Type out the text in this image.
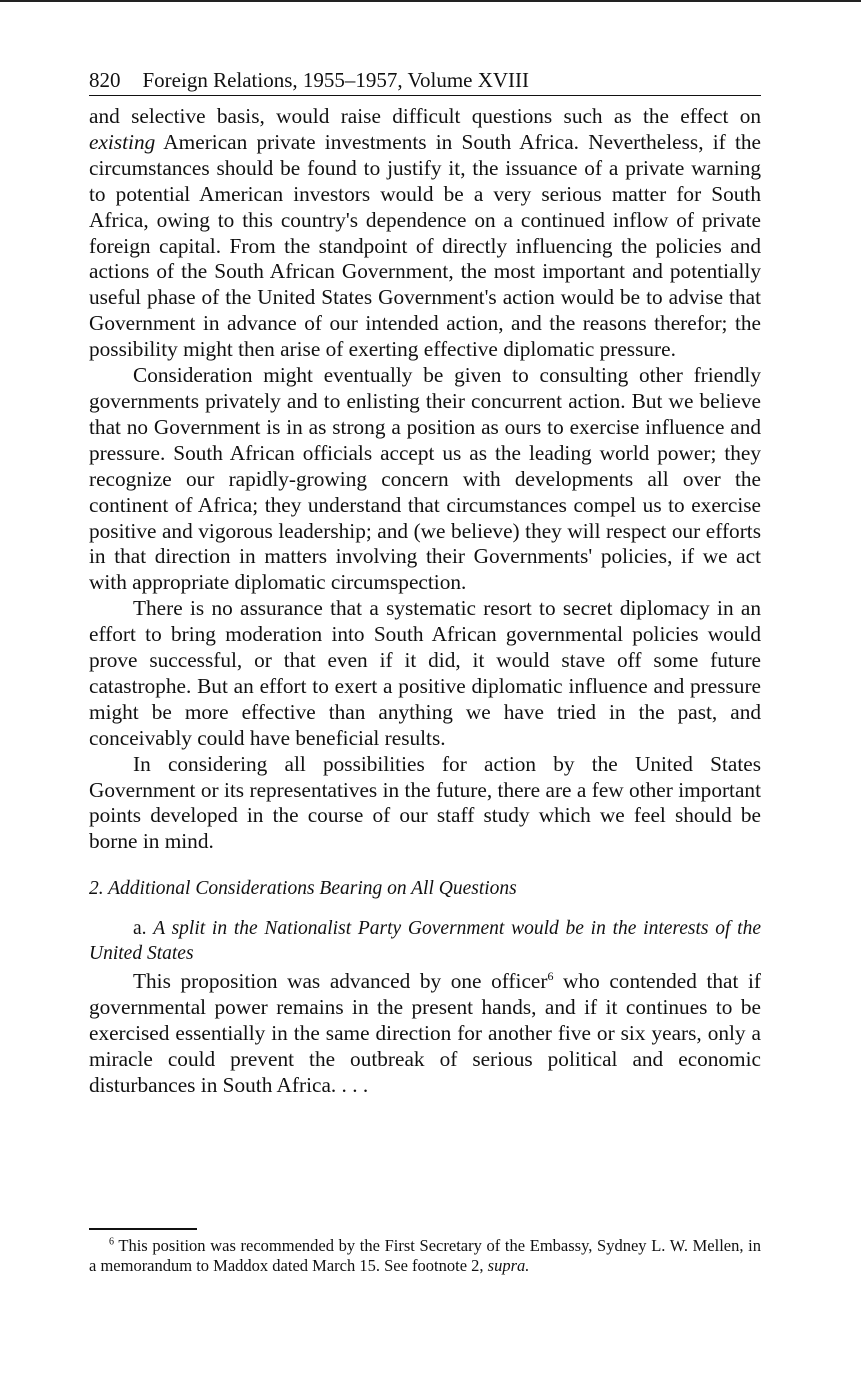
820 Foreign Relations, 1955–1957, Volume XVIII

and selective basis, would raise difficult questions such as the effect on existing American private investments in South Africa. Nevertheless, if the circumstances should be found to justify it, the issuance of a private warning to potential American investors would be a very serious matter for South Africa, owing to this country's dependence on a continued inflow of private foreign capital. From the standpoint of directly influencing the policies and actions of the South African Government, the most important and potentially useful phase of the United States Government's action would be to advise that Government in advance of our intended action, and the reasons therefor; the possibility might then arise of exerting effective diplomatic pressure.

Consideration might eventually be given to consulting other friendly governments privately and to enlisting their concurrent action. But we believe that no Government is in as strong a position as ours to exercise influence and pressure. South African officials accept us as the leading world power; they recognize our rapidly-growing concern with developments all over the continent of Africa; they understand that circumstances compel us to exercise positive and vigorous leadership; and (we believe) they will respect our efforts in that direction in matters involving their Governments' policies, if we act with appropriate diplomatic circumspection.

There is no assurance that a systematic resort to secret diplomacy in an effort to bring moderation into South African governmental policies would prove successful, or that even if it did, it would stave off some future catastrophe. But an effort to exert a positive diplomatic influence and pressure might be more effective than anything we have tried in the past, and conceivably could have beneficial results.

In considering all possibilities for action by the United States Government or its representatives in the future, there are a few other important points developed in the course of our staff study which we feel should be borne in mind.

2. Additional Considerations Bearing on All Questions
a. A split in the Nationalist Party Government would be in the interests of the United States

This proposition was advanced by one officer$^6$ who contended that if governmental power remains in the present hands, and if it continues to be exercised essentially in the same direction for another five or six years, only a miracle could prevent the outbreak of serious political and economic disturbances in South Africa. . . .

$^6$ This position was recommended by the First Secretary of the Embassy, Sydney L. W. Mellen, in a memorandum to Maddox dated March 15. See footnote 2, supra.
